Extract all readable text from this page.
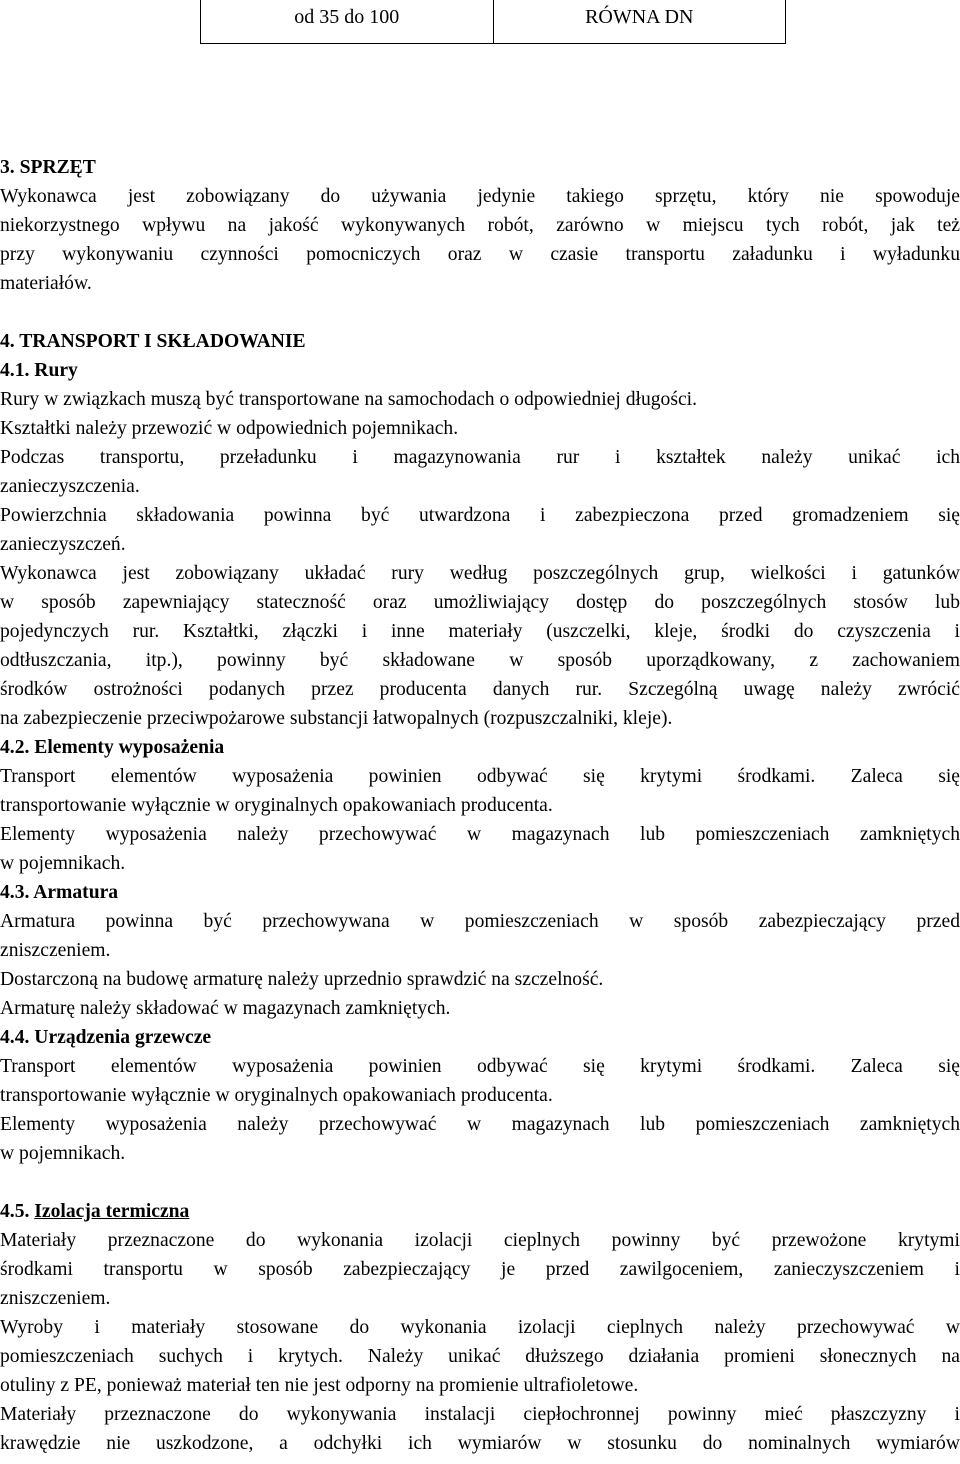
od 35 do 100	RÓWNA DN
3. SPRZĘT
Wykonawca jest zobowiązany do używania jedynie takiego sprzętu, który nie spowoduje
niekorzystnego wpływu na jakość wykonywanych robót, zarówno w miejscu tych robót, jak też
przy wykonywaniu czynności pomocniczych oraz w czasie transportu załadunku i wyładunku
materiałów.
4. TRANSPORT I SKŁADOWANIE
4.1. Rury
Rury w związkach muszą być transportowane na samochodach o odpowiedniej długości.
Kształtki należy przewozić w odpowiednich pojemnikach.
Podczas transportu, przeładunku i magazynowania rur i kształtek należy unikać ich
zanieczyszczenia.
Powierzchnia składowania powinna być utwardzona i zabezpieczona przed gromadzeniem się
zanieczyszczeń.
Wykonawca jest zobowiązany układać rury według poszczególnych grup, wielkości i gatunków
w sposób zapewniający stateczność oraz umożliwiający dostęp do poszczególnych stosów lub
pojedynczych rur. Kształtki, złączki i inne materiały (uszczelki, kleje, środki do czyszczenia i
odtłuszczania, itp.), powinny być składowane w sposób uporządkowany, z zachowaniem
środków ostrożności podanych przez producenta danych rur. Szczególną uwagę należy zwrócić
na zabezpieczenie przeciwpożarowe substancji łatwopalnych (rozpuszczalniki, kleje).
4.2. Elementy wyposażenia
Transport elementów wyposażenia powinien odbywać się krytymi środkami. Zaleca się
transportowanie wyłącznie w oryginalnych opakowaniach producenta.
Elementy wyposażenia należy przechowywać w magazynach lub pomieszczeniach zamkniętych
w pojemnikach.
4.3. Armatura
Armatura powinna być przechowywana w pomieszczeniach w sposób zabezpieczający przed
zniszczeniem.
Dostarczoną na budowę armaturę należy uprzednio sprawdzić na szczelność.
Armaturę należy składować w magazynach zamkniętych.
4.4. Urządzenia grzewcze
Transport elementów wyposażenia powinien odbywać się krytymi środkami. Zaleca się
transportowanie wyłącznie w oryginalnych opakowaniach producenta.
Elementy wyposażenia należy przechowywać w magazynach lub pomieszczeniach zamkniętych
w pojemnikach.
4.5. Izolacja termiczna
Materiały przeznaczone do wykonania izolacji cieplnych powinny być przewożone krytymi
środkami transportu w sposób zabezpieczający je przed zawilgoceniem, zanieczyszczeniem i
zniszczeniem.
Wyroby i materiały stosowane do wykonania izolacji cieplnych należy przechowywać w
pomieszczeniach suchych i krytych. Należy unikać dłuższego działania promieni słonecznych na
otuliny z PE, ponieważ materiał ten nie jest odporny na promienie ultrafioletowe.
Materiały przeznaczone do wykonywania instalacji ciepłochronnej powinny mieć płaszczyzny i
krawędzie nie uszkodzone, a odchyłki ich wymiarów w stosunku do nominalnych wymiarów
